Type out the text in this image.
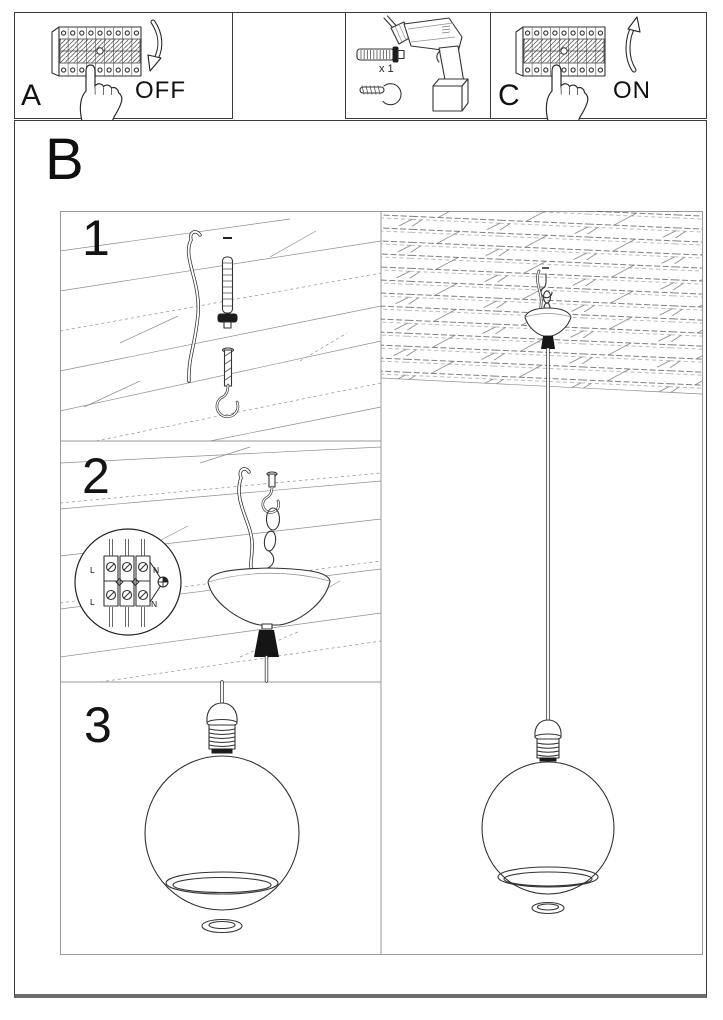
A	OFF
x 1
C	ON
B
1
2
L	N
L	N
3
